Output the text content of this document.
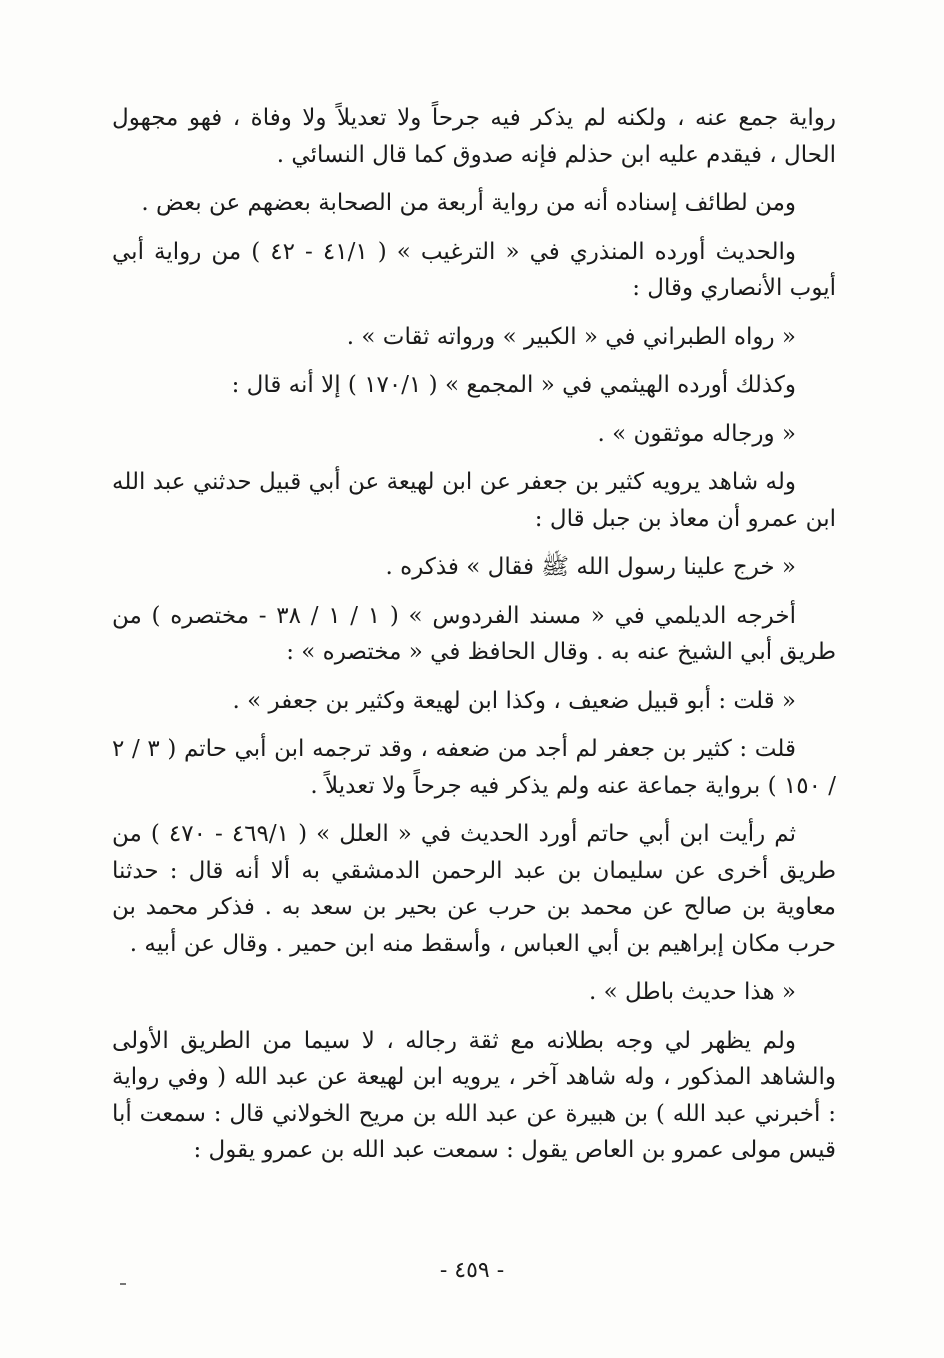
رواية جمع عنه ، ولكنه لم يذكر فيه جرحاً ولا تعديلاً ولا وفاة ، فهو مجهول الحال ، فيقدم عليه ابن حذلم فإنه صدوق كما قال النسائي .

ومن لطائف إسناده أنه من رواية أربعة من الصحابة بعضهم عن بعض .

والحديث أورده المنذري في « الترغيب » ( ٤١/١ - ٤٢ ) من رواية أبي أيوب الأنصاري وقال :

« رواه الطبراني في « الكبير » ورواته ثقات » .

وكذلك أورده الهيثمي في « المجمع » ( ١٧٠/١ ) إلا أنه قال :

« ورجاله موثقون » .

وله شاهد يرويه كثير بن جعفر عن ابن لهيعة عن أبي قبيل حدثني عبد الله ابن عمرو أن معاذ بن جبل قال :

« خرج علينا رسول الله ﷺ فقال » فذكره .

أخرجه الديلمي في « مسند الفردوس » ( ١ / ١ / ٣٨ - مختصره ) من طريق أبي الشيخ عنه به . وقال الحافظ في « مختصره » :

« قلت : أبو قبيل ضعيف ، وكذا ابن لهيعة وكثير بن جعفر » .

قلت : كثير بن جعفر لم أجد من ضعفه ، وقد ترجمه ابن أبي حاتم ( ٣ / ٢ / ١٥٠ ) برواية جماعة عنه ولم يذكر فيه جرحاً ولا تعديلاً .

ثم رأيت ابن أبي حاتم أورد الحديث في « العلل » ( ٤٦٩/١ - ٤٧٠ ) من طريق أخرى عن سليمان بن عبد الرحمن الدمشقي به ألا أنه قال : حدثنا معاوية بن صالح عن محمد بن حرب عن بحير بن سعد به . فذكر محمد بن حرب مكان إبراهيم بن أبي العباس ، وأسقط منه ابن حمير . وقال عن أبيه .

« هذا حديث باطل » .

ولم يظهر لي وجه بطلانه مع ثقة رجاله ، لا سيما من الطريق الأولى والشاهد المذكور ، وله شاهد آخر ، يرويه ابن لهيعة عن عبد الله ( وفي رواية : أخبرني عبد الله ) بن هبيرة عن عبد الله بن مريح الخولاني قال : سمعت أبا قيس مولى عمرو بن العاص يقول : سمعت عبد الله بن عمرو يقول :

- ٤٥٩ -
